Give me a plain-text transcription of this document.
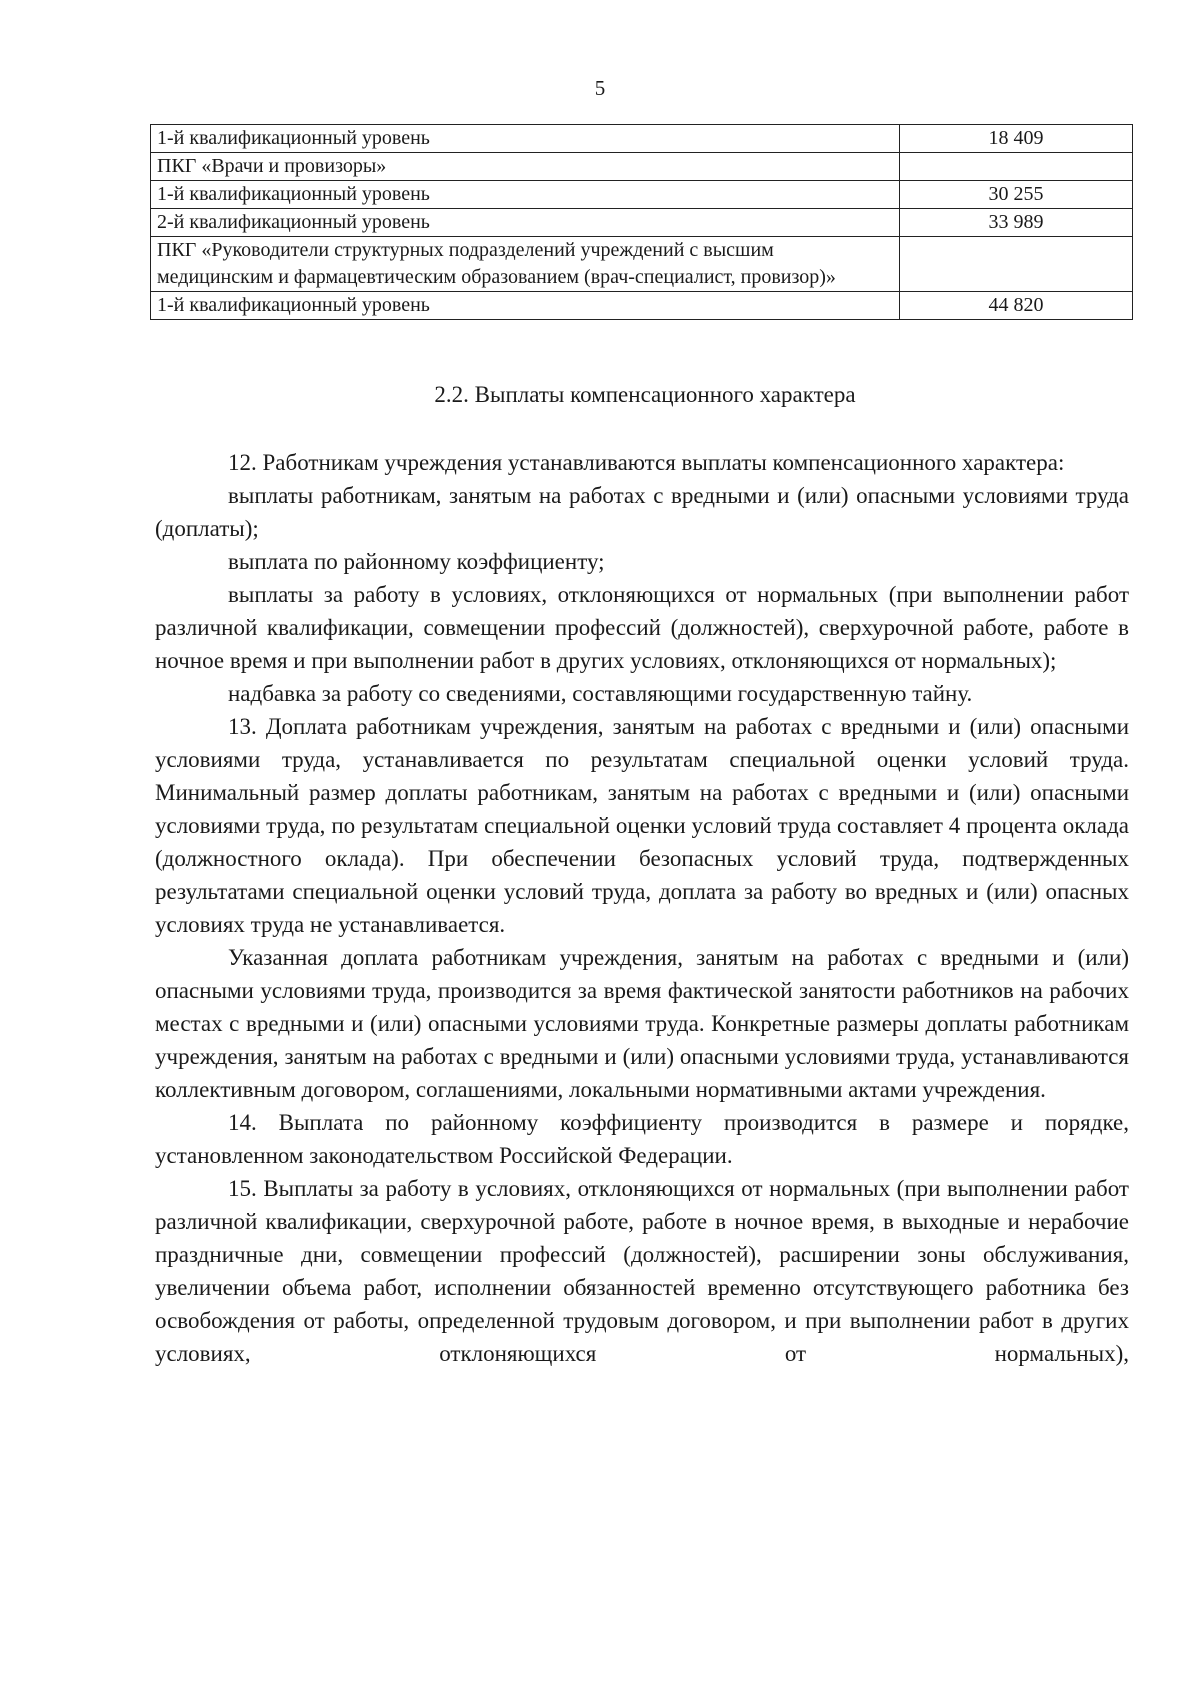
5
1-й квалификационный уровень	18 409
ПКГ «Врачи и провизоры»	
1-й квалификационный уровень	30 255
2-й квалификационный уровень	33 989
ПКГ «Руководители структурных подразделений учреждений с высшим медицинским и фармацевтическим образованием (врач-специалист, провизор)»	
1-й квалификационный уровень	44 820
2.2. Выплаты компенсационного характера

12. Работникам учреждения устанавливаются выплаты компенсационного характера:

выплаты работникам, занятым на работах с вредными и (или) опасными условиями труда (доплаты);

выплата по районному коэффициенту;

выплаты за работу в условиях, отклоняющихся от нормальных (при выполнении работ различной квалификации, совмещении профессий (должностей), сверхурочной работе, работе в ночное время и при выполнении работ в других условиях, отклоняющихся от нормальных);

надбавка за работу со сведениями, составляющими государственную тайну.

13. Доплата работникам учреждения, занятым на работах с вредными и (или) опасными условиями труда, устанавливается по результатам специальной оценки условий труда. Минимальный размер доплаты работникам, занятым на работах с вредными и (или) опасными условиями труда, по результатам специальной оценки условий труда составляет 4 процента оклада (должностного оклада). При обеспечении безопасных условий труда, подтвержденных результатами специальной оценки условий труда, доплата за работу во вредных и (или) опасных условиях труда не устанавливается.

Указанная доплата работникам учреждения, занятым на работах с вредными и (или) опасными условиями труда, производится за время фактической занятости работников на рабочих местах с вредными и (или) опасными условиями труда. Конкретные размеры доплаты работникам учреждения, занятым на работах с вредными и (или) опасными условиями труда, устанавливаются коллективным договором, соглашениями, локальными нормативными актами учреждения.

14. Выплата по районному коэффициенту производится в размере и порядке, установленном законодательством Российской Федерации.

15. Выплаты за работу в условиях, отклоняющихся от нормальных (при выполнении работ различной квалификации, сверхурочной работе, работе в ночное время, в выходные и нерабочие праздничные дни, совмещении профессий (должностей), расширении зоны обслуживания, увеличении объема работ, исполнении обязанностей временно отсутствующего работника без освобождения от работы, определенной трудовым договором, и при выполнении работ в других условиях, отклоняющихся от нормальных),
